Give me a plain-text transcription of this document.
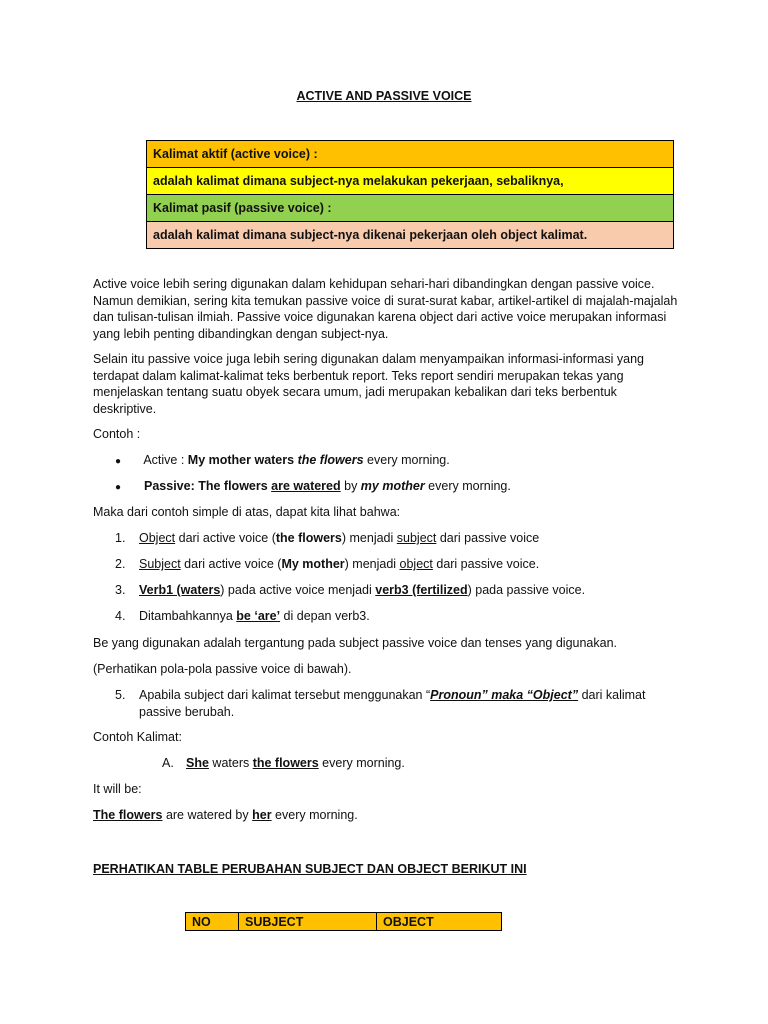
ACTIVE AND PASSIVE VOICE
Kalimat aktif (active voice) :
adalah kalimat dimana subject-nya melakukan pekerjaan, sebaliknya,
Kalimat pasif (passive voice) :
adalah kalimat dimana subject-nya dikenai pekerjaan oleh object kalimat.
Active voice lebih sering digunakan dalam kehidupan sehari-hari dibandingkan dengan passive voice. Namun demikian, sering kita temukan passive voice di surat-surat kabar, artikel-artikel di majalah-majalah dan tulisan-tulisan ilmiah. Passive voice digunakan karena object dari active voice merupakan informasi yang lebih penting dibandingkan dengan subject-nya.
Selain itu passive voice juga lebih sering digunakan dalam menyampaikan informasi-informasi yang terdapat dalam kalimat-kalimat teks berbentuk report. Teks report sendiri merupakan tekas yang menjelaskan tentang suatu obyek secara umum, jadi merupakan kebalikan dari teks berbentuk deskriptive.
Contoh :
● Active : My mother waters the flowers every morning.
● Passive: The flowers are watered by my mother every morning.
Maka dari contoh simple di atas, dapat kita lihat bahwa:
1. Object dari active voice (the flowers) menjadi subject dari passive voice
2. Subject dari active voice (My mother) menjadi object dari passive voice.
3. Verb1 (waters) pada active voice menjadi verb3 (fertilized) pada passive voice.
4. Ditambahkannya be ‘are’ di depan verb3.
Be yang digunakan adalah tergantung pada subject passive voice dan tenses yang digunakan.
(Perhatikan pola-pola passive voice di bawah).
5. Apabila subject dari kalimat tersebut menggunakan “Pronoun” maka “Object” dari kalimat
passive berubah.
Contoh Kalimat:
A. She waters the flowers every morning.
It will be:
The flowers are watered by her every morning.
PERHATIKAN TABLE PERUBAHAN SUBJECT DAN OBJECT BERIKUT INI
NO	SUBJECT	OBJECT
